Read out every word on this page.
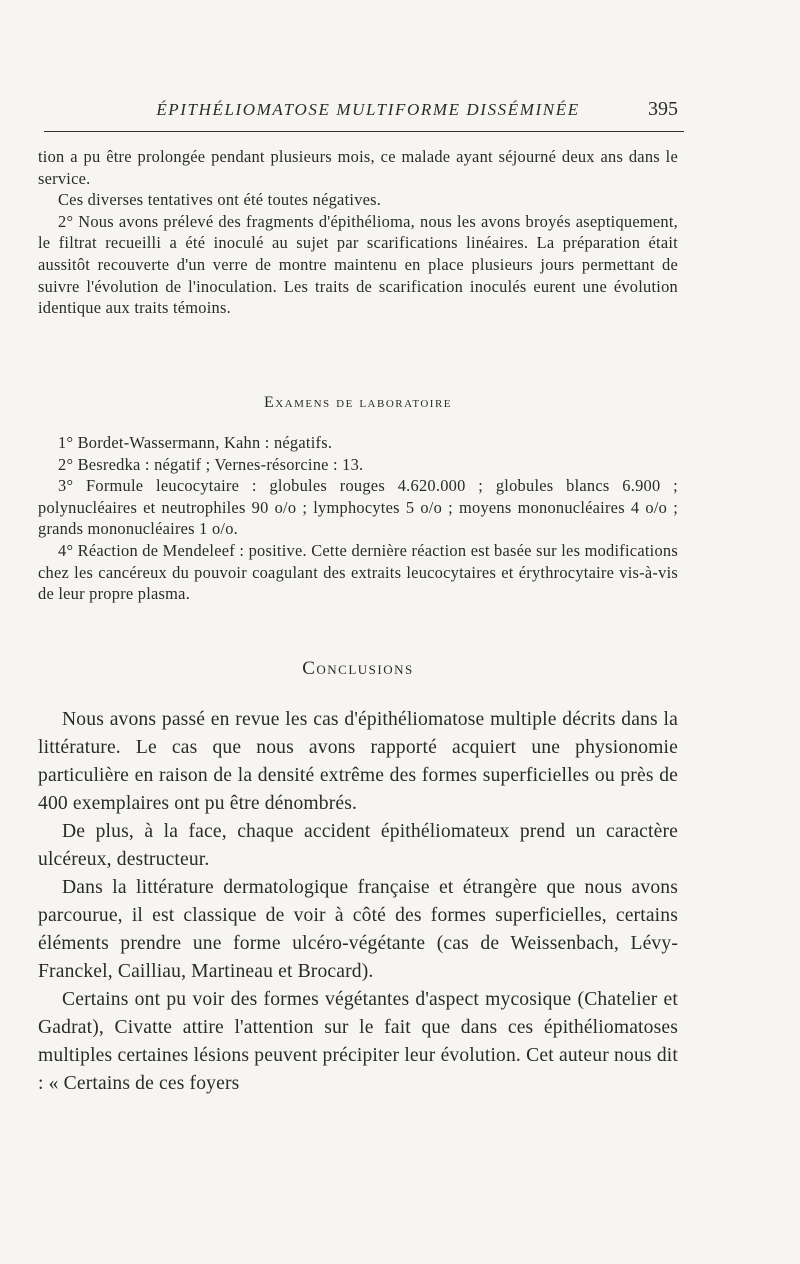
ÉPITHÉLIOMATOSE MULTIFORME DISSÉMINÉE	395

tion a pu être prolongée pendant plusieurs mois, ce malade ayant séjourné deux ans dans le service.

Ces diverses tentatives ont été toutes négatives.

2° Nous avons prélevé des fragments d'épithélioma, nous les avons broyés aseptiquement, le filtrat recueilli a été inoculé au sujet par scarifications linéaires. La préparation était aussitôt recouverte d'un verre de montre maintenu en place plusieurs jours permettant de suivre l'évolution de l'inoculation. Les traits de scarification inoculés eurent une évolution identique aux traits témoins.

Examens de laboratoire

1° Bordet-Wassermann, Kahn : négatifs.

2° Besredka : négatif ; Vernes-résorcine : 13.

3° Formule leucocytaire : globules rouges 4.620.000 ; globules blancs 6.900 ; polynucléaires et neutrophiles 90 o/o ; lymphocytes 5 o/o ; moyens mononucléaires 4 o/o ; grands mononucléaires 1 o/o.

4° Réaction de Mendeleef : positive. Cette dernière réaction est basée sur les modifications chez les cancéreux du pouvoir coagulant des extraits leucocytaires et érythrocytaire vis-à-vis de leur propre plasma.

Conclusions

Nous avons passé en revue les cas d'épithéliomatose multiple décrits dans la littérature. Le cas que nous avons rapporté acquiert une physionomie particulière en raison de la densité extrême des formes superficielles ou près de 400 exemplaires ont pu être dénombrés.

De plus, à la face, chaque accident épithéliomateux prend un caractère ulcéreux, destructeur.

Dans la littérature dermatologique française et étrangère que nous avons parcourue, il est classique de voir à côté des formes superficielles, certains éléments prendre une forme ulcéro-végétante (cas de Weissenbach, Lévy-Franckel, Cailliau, Martineau et Brocard).

Certains ont pu voir des formes végétantes d'aspect mycosique (Chatelier et Gadrat), Civatte attire l'attention sur le fait que dans ces épithéliomatoses multiples certaines lésions peuvent précipiter leur évolution. Cet auteur nous dit : « Certains de ces foyers
